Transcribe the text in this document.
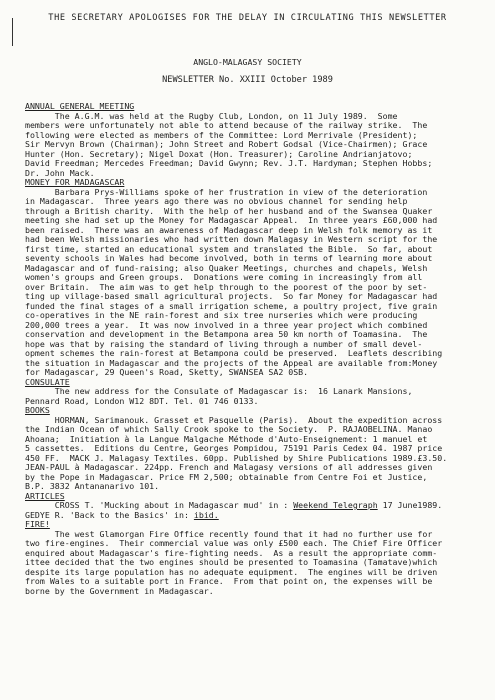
THE SECRETARY APOLOGISES FOR THE DELAY IN CIRCULATING THIS NEWSLETTER
ANGLO-MALAGASY SOCIETY
NEWSLETTER No. XXIII October 1989
ANNUAL GENERAL MEETING
The A.G.M. was held at the Rugby Club, London, on 11 July 1989.  Some
members were unfortunately not able to attend because of the railway strike.  The
following were elected as members of the Committee: Lord Merrivale (President);
Sir Mervyn Brown (Chairman); John Street and Robert Godsal (Vice-Chairmen); Grace
Hunter (Hon. Secretary); Nigel Doxat (Hon. Treasurer); Caroline Andrianjatovo;
David Freedman; Mercedes Freedman; David Gwynn; Rev. J.T. Hardyman; Stephen Hobbs;
Dr. John Mack.
MONEY FOR MADAGASCAR
Barbara Prys-Williams spoke of her frustration in view of the deterioration
in Madagascar.  Three years ago there was no obvious channel for sending help
through a British charity.  With the help of her husband and of the Swansea Quaker
meeting she had set up the Money for Madagascar Appeal.  In three years £60,000 had
been raised.  There was an awareness of Madagascar deep in Welsh folk memory as it
had been Welsh missionaries who had written down Malagasy in Western script for the
first time, started an educational system and translated the Bible.  So far, about
seventy schools in Wales had become involved, both in terms of learning more about
Madagascar and of fund-raising; also Quaker Meetings, churches and chapels, Welsh
women's groups and Green groups.  Donations were coming in increasingly from all
over Britain.  The aim was to get help through to the poorest of the poor by set-
ting up village-based small agricultural projects.  So far Money for Madagascar had
funded the final stages of a small irrigation scheme, a poultry project, five grain
co-operatives in the NE rain-forest and six tree nurseries which were producing
200,000 trees a year.  It was now involved in a three year project which combined
conservation and development in the Betampona area 50 km north of Toamasina.  The
hope was that by raising the standard of living through a number of small devel-
opment schemes the rain-forest at Betampona could be preserved.  Leaflets describing
the situation in Madagascar and the projects of the Appeal are available from:Money
for Madagascar, 29 Queen's Road, Sketty, SWANSEA SA2 0SB.
CONSULATE
The new address for the Consulate of Madagascar is:  16 Lanark Mansions,
Pennard Road, London W12 8DT. Tel. 01 746 0133.
BOOKS
HORMAN, Sarimanouk. Grasset et Pasquelle (Paris).  About the expedition across
the Indian Ocean of which Sally Crook spoke to the Society.  P. RAJAOBELINA. Manao
Ahoana;  Initiation à la Langue Malgache Méthode d'Auto-Enseignement: 1 manuel et
5 cassettes.  Editions du Centre, Georges Pompidou, 75191 Paris Cedex 04. 1987 price
450 FF.  MACK J. Malagasy Textiles. 60pp. Published by Shire Publications 1989.£3.50.
JEAN-PAUL à Madagascar. 224pp. French and Malagasy versions of all addresses given
by the Pope in Madagascar. Price FM 2,500; obtainable from Centre Foi et Justice,
B.P. 3832 Antananarivo 101.
ARTICLES
CROSS T. 'Mucking about in Madagascar mud' in : Weekend Telegraph 17 June1989.
GEDYE R. 'Back to the Basics' in: ibid.
FIRE!
The west Glamorgan Fire Office recently found that it had no further use for
two fire-engines.  Their commercial value was only £500 each. The Chief Fire Officer
enquired about Madagascar's fire-fighting needs.  As a result the appropriate comm-
ittee decided that the two engines should be presented to Toamasina (Tamatave)which
despite its large population has no adequate equipment.  The engines will be driven
from Wales to a suitable port in France.  From that point on, the expenses will be
borne by the Government in Madagascar.
